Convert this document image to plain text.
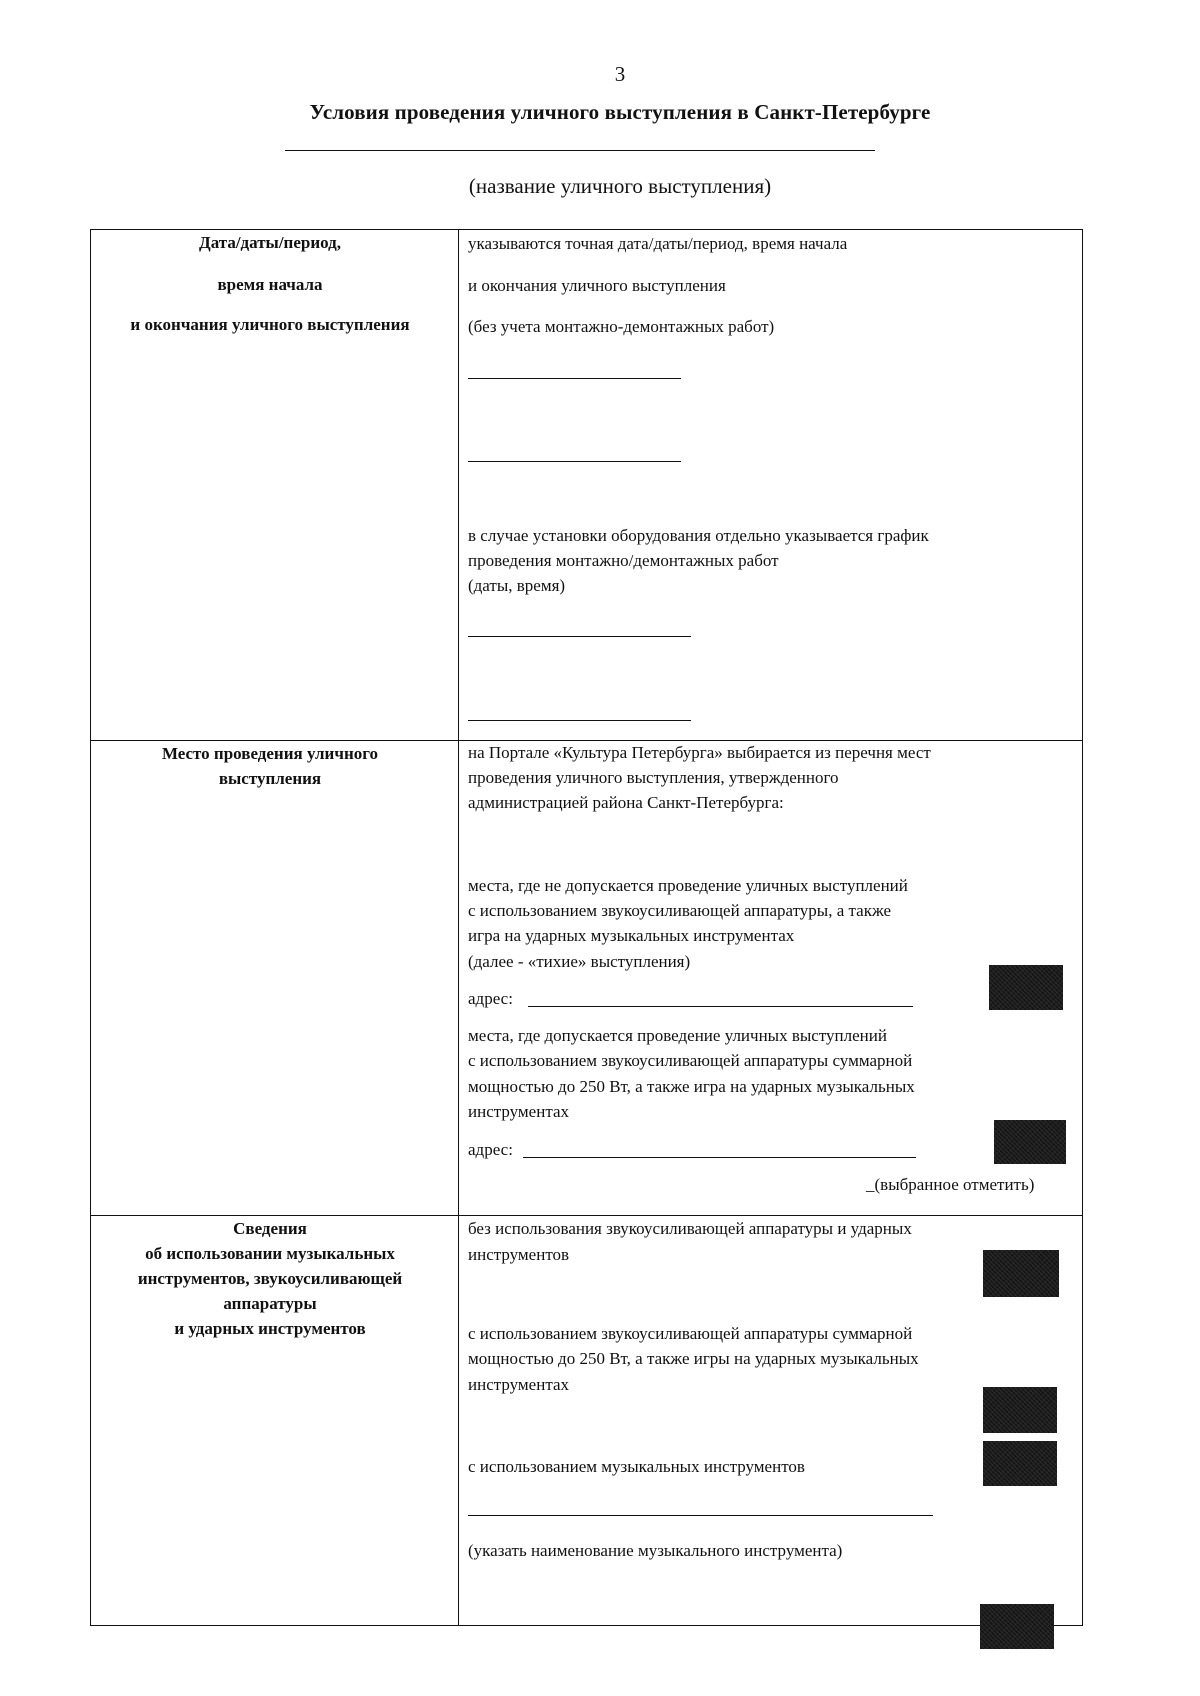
3
Условия проведения уличного выступления в Санкт-Петербурге
(название уличного выступления)
Дата/даты/период,
время начала
и окончания уличного выступления
указываются точная дата/даты/период, время начала
и окончания уличного выступления
(без учета монтажно-демонтажных работ)
в случае установки оборудования отдельно указывается график
проведения монтажно/демонтажных работ
(даты, время)
Место проведения уличного
выступления
на Портале «Культура Петербурга» выбирается из перечня мест
проведения уличного выступления, утвержденного
администрацией района Санкт-Петербурга:
места, где не допускается проведение уличных выступлений
с использованием звукоусиливающей аппаратуры, а также
игра на ударных музыкальных инструментах
(далее - «тихие» выступления)
адрес:
места, где допускается проведение уличных выступлений
с использованием звукоусиливающей аппаратуры суммарной
мощностью до 250 Вт, а также игра на ударных музыкальных
инструментах
адрес:
_(выбранное отметить)
Сведения
об использовании музыкальных
инструментов, звукоусиливающей
аппаратуры
и ударных инструментов
без использования звукоусиливающей аппаратуры и ударных
инструментов
с использованием звукоусиливающей аппаратуры суммарной
мощностью до 250 Вт, а также игры на ударных музыкальных
инструментах
с использованием музыкальных инструментов
(указать наименование музыкального инструмента)
